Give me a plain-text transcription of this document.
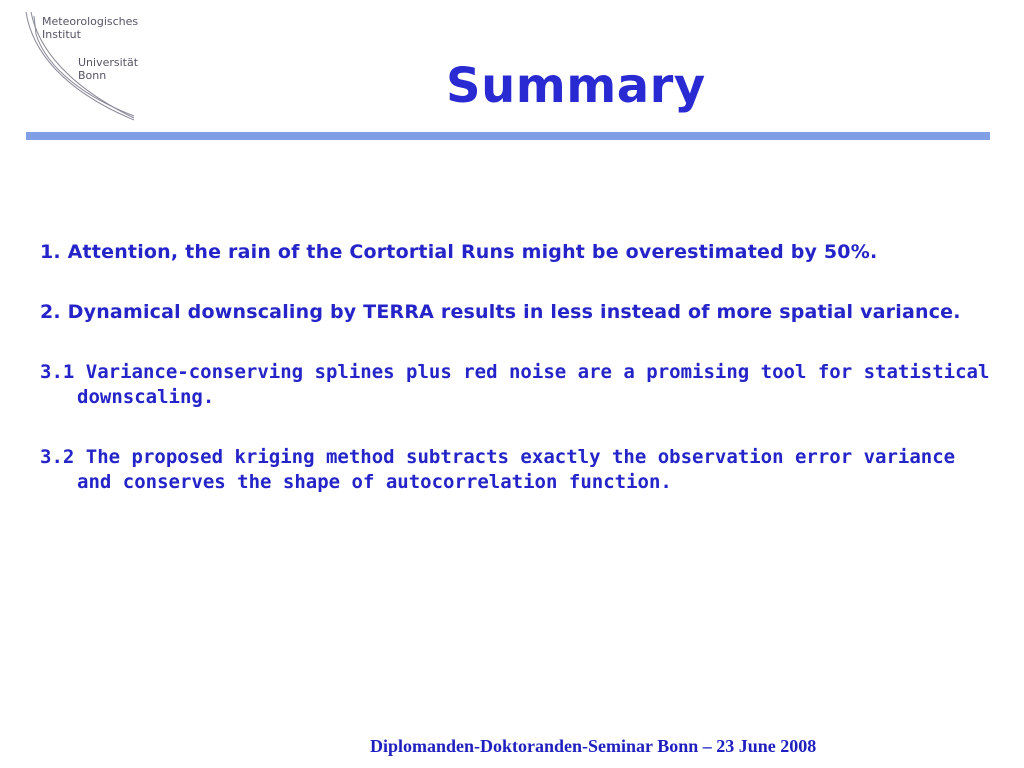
Meteorologisches
Institut
Universität
Bonn	Summary

1. Attention, the rain of the Cortortial Runs might be overestimated by 50%.

2. Dynamical downscaling by TERRA results in less instead of more spatial variance.

3.1 Variance-conserving splines plus red noise are a promising tool for statistical downscaling.

3.2 The proposed kriging method subtracts exactly the observation error variance and conserves the shape of autocorrelation function.

Diplomanden-Doktoranden-Seminar Bonn – 23 June 2008
